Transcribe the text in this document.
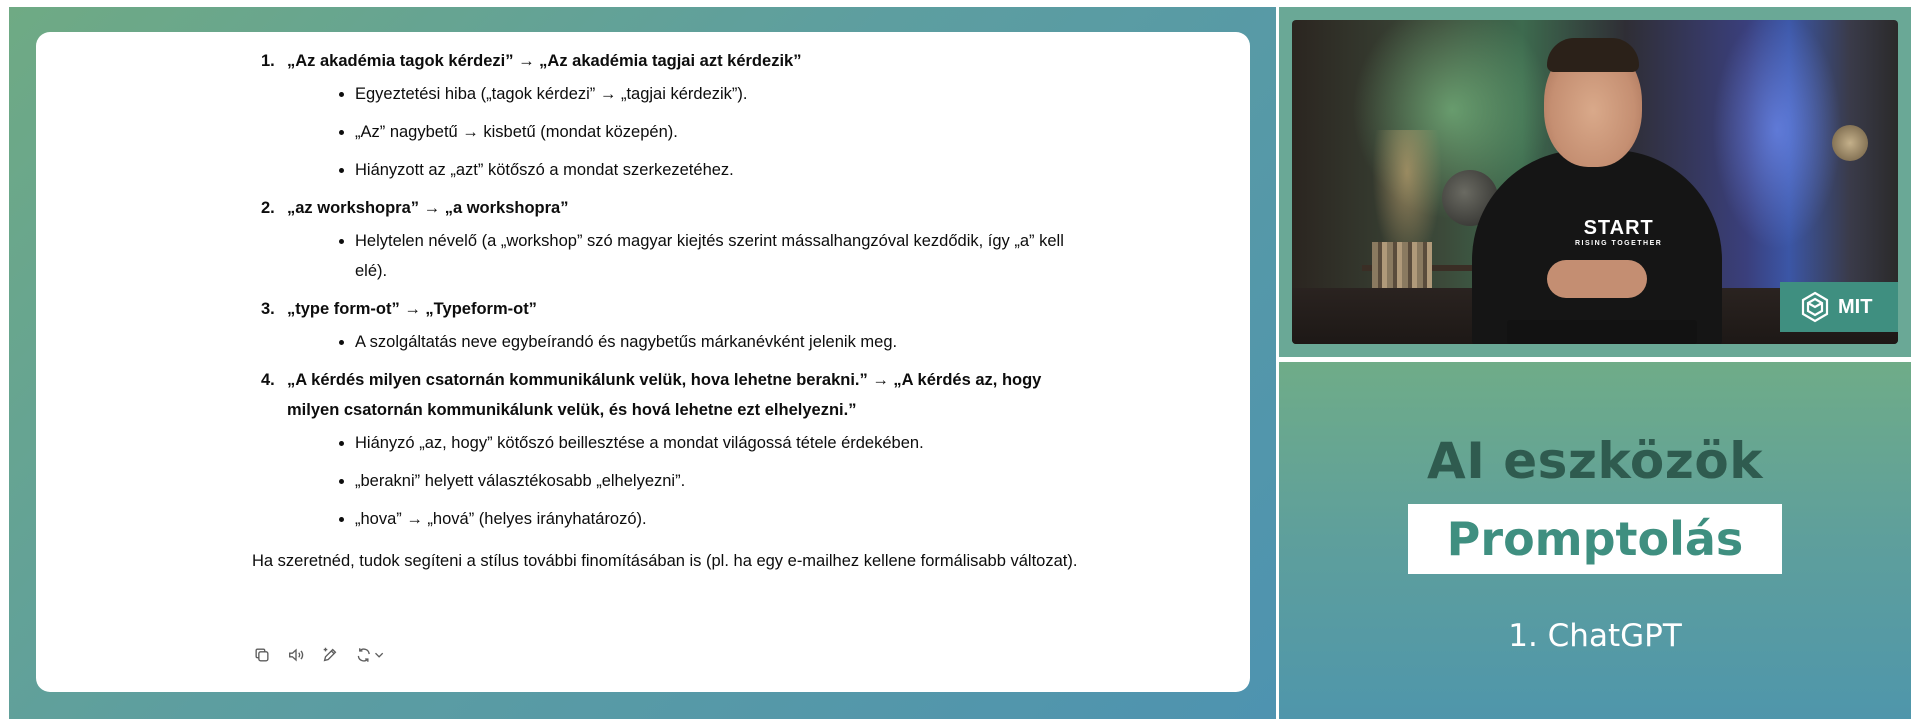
1. „Az akadémia tagok kérdezi” → „Az akadémia tagjai azt kérdezik”
• Egyeztetési hiba („tagok kérdezi” → „tagjai kérdezik”).
• „Az” nagybetű → kisbetű (mondat közepén).
• Hiányzott az „azt” kötőszó a mondat szerkezetéhez.
2. „az workshopra” → „a workshopra”
• Helytelen névelő (a „workshop” szó magyar kiejtés szerint mássalhangzóval kezdődik, így „a” kell elé).
3. „type form-ot” → „Typeform-ot”
• A szolgáltatás neve egybeírandó és nagybetűs márkanévként jelenik meg.
4. „A kérdés milyen csatornán kommunikálunk velük, hova lehetne berakni.” → „A kérdés az, hogy milyen csatornán kommunikálunk velük, és hová lehetne ezt elhelyezni.”
• Hiányzó „az, hogy” kötőszó beillesztése a mondat világossá tétele érdekében.
• „berakni” helyett választékosabb „elhelyezni”.
• „hova” → „hová” (helyes irányhatározó).

Ha szeretnéd, tudok segíteni a stílus további finomításában is (pl. ha egy e-mailhez kellene formálisabb változat).

START
RISING TOGETHER
MIT
AI eszközök
Promptolás
1. ChatGPT
